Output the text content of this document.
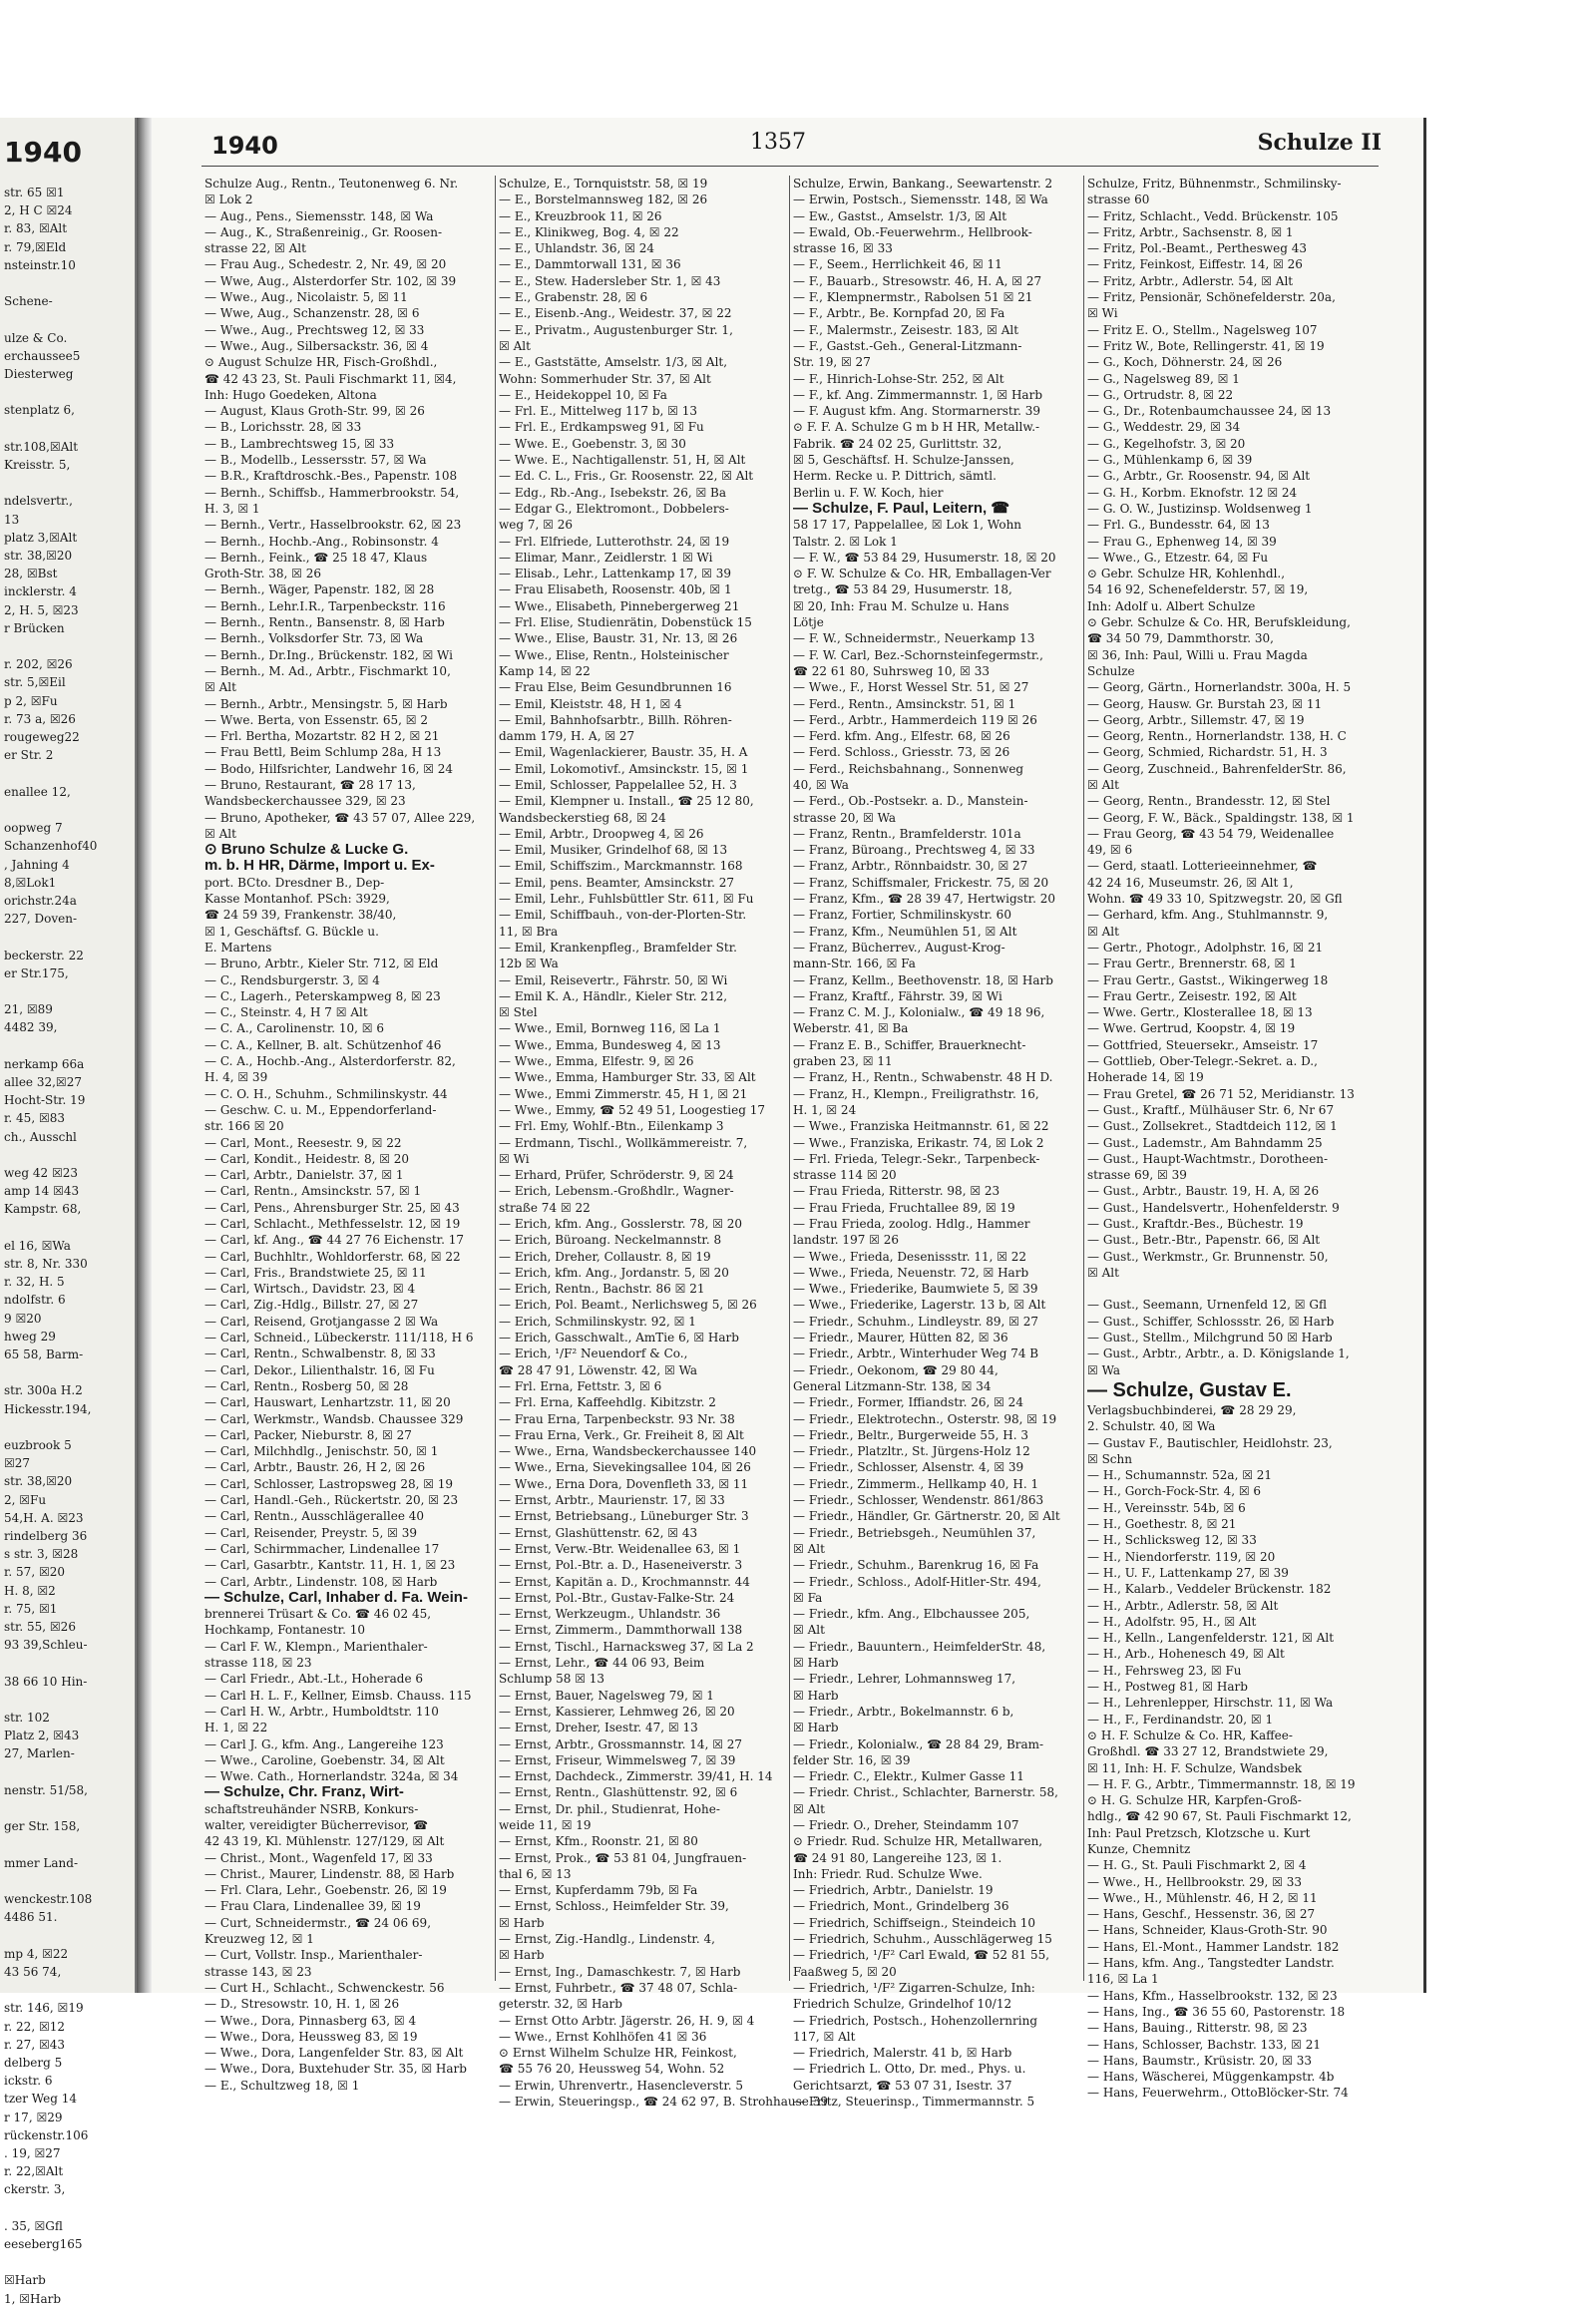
1940
str. 65 ☒1
2, H C ☒24
r. 83, ☒Alt
r. 79,☒Eld
nsteinstr.10

Schene-

ulze & Co.
erchaussee5
Diesterweg

stenplatz 6,

str.108,☒Alt
Kreisstr. 5,

ndelsvertr.,
13
platz 3,☒Alt
str. 38,☒20
28, ☒Bst
incklerstr. 4
2, H. 5, ☒23
r Brücken

r. 202, ☒26
str. 5,☒Eil
p 2, ☒Fu
r. 73 a, ☒26
rougeweg22
er Str. 2

enallee 12,

oopweg 7
Schanzenhof40
, Jahning 4
8,☒Lok1
orichstr.24a
227, Doven-

beckerstr. 22
er Str.175,

21, ☒89
4482 39,

nerkamp 66a
allee 32,☒27
Hocht-Str. 19
r. 45, ☒83
ch., Ausschl

weg 42 ☒23
amp 14 ☒43
Kampstr. 68,

el 16, ☒Wa
str. 8, Nr. 330
r. 32, H. 5
ndolfstr. 6
9 ☒20
hweg 29
65 58, Barm-

str. 300a H.2
Hickesstr.194,

euzbrook 5
☒27
str. 38,☒20
2, ☒Fu
54,H. A. ☒23
rindelberg 36
s str. 3, ☒28
r. 57, ☒20
H. 8, ☒2
r. 75, ☒1
str. 55, ☒26
93 39,Schleu-

38 66 10 Hin-

str. 102
Platz 2, ☒43
27, Marlen-

nenstr. 51/58,

ger Str. 158,

mmer Land-

wenckestr.108
4486 51.

mp 4, ☒22
43 56 74,

str. 146, ☒19
r. 22, ☒12
r. 27, ☒43
delberg 5
ickstr. 6
tzer Weg 14
r 17, ☒29
rückenstr.106
. 19, ☒27
r. 22,☒Alt
ckerstr. 3,

. 35, ☒Gfl
eeseberg165

☒Harb
1, ☒Harb
1940	1357	Schulze II
Schulze Aug., Rentn., Teutonenweg 6. Nr.
☒ Lok 2
— Aug., Pens., Siemensstr. 148, ☒ Wa
— Aug., K., Straßenreinig., Gr. Roosen-
strasse 22, ☒ Alt
— Frau Aug., Schedestr. 2, Nr. 49, ☒ 20
— Wwe, Aug., Alsterdorfer Str. 102, ☒ 39
— Wwe., Aug., Nicolaistr. 5, ☒ 11
— Wwe, Aug., Schanzenstr. 28, ☒ 6
— Wwe., Aug., Prechtsweg 12, ☒ 33
— Wwe., Aug., Silbersackstr. 36, ☒ 4
⊙ August Schulze HR, Fisch-Großhdl.,
☎ 42 43 23, St. Pauli Fischmarkt 11, ☒4,
Inh: Hugo Goedeken, Altona
— August, Klaus Groth-Str. 99, ☒ 26
— B., Lorichsstr. 28, ☒ 33
— B., Lambrechtsweg 15, ☒ 33
— B., Modellb., Lessersstr. 57, ☒ Wa
— B.R., Kraftdroschk.-Bes., Papenstr. 108
— Bernh., Schiffsb., Hammerbrookstr. 54,
H. 3, ☒ 1
— Bernh., Vertr., Hasselbrookstr. 62, ☒ 23
— Bernh., Hochb.-Ang., Robinsonstr. 4
— Bernh., Feink., ☎ 25 18 47, Klaus
Groth-Str. 38, ☒ 26
— Bernh., Wäger, Papenstr. 182, ☒ 28
— Bernh., Lehr.I.R., Tarpenbeckstr. 116
— Bernh., Rentn., Bansenstr. 8, ☒ Harb
— Bernh., Volksdorfer Str. 73, ☒ Wa
— Bernh., Dr.Ing., Brückenstr. 182, ☒ Wi
— Bernh., M. Ad., Arbtr., Fischmarkt 10,
☒ Alt
— Bernh., Arbtr., Mensingstr. 5, ☒ Harb
— Wwe. Berta, von Essenstr. 65, ☒ 2
— Frl. Bertha, Mozartstr. 82 H 2, ☒ 21
— Frau Bettl, Beim Schlump 28a, H 13
— Bodo, Hilfsrichter, Landwehr 16, ☒ 24
— Bruno, Restaurant, ☎ 28 17 13,
Wandsbeckerchaussee 329, ☒ 23
— Bruno, Apotheker, ☎ 43 57 07, Allee 229,
☒ Alt
⊙ Bruno Schulze & Lucke G.
m. b. H HR, Därme, Import u. Ex-
port. BCto. Dresdner B., Dep-
Kasse Montanhof. PSch: 3929,
☎ 24 59 39, Frankenstr. 38/40,
☒ 1, Geschäftsf. G. Bückle u.
E. Martens
— Bruno, Arbtr., Kieler Str. 712, ☒ Eld
— C., Rendsburgerstr. 3, ☒ 4
— C., Lagerh., Peterskampweg 8, ☒ 23
— C., Steinstr. 4, H 7 ☒ Alt
— C. A., Carolinenstr. 10, ☒ 6
— C. A., Kellner, B. alt. Schützenhof 46
— C. A., Hochb.-Ang., Alsterdorferstr. 82,
H. 4, ☒ 39
— C. O. H., Schuhm., Schmilinskystr. 44
— Geschw. C. u. M., Eppendorferland-
str. 166 ☒ 20
— Carl, Mont., Reesestr. 9, ☒ 22
— Carl, Kondit., Heidestr. 8, ☒ 20
— Carl, Arbtr., Danielstr. 37, ☒ 1
— Carl, Rentn., Amsinckstr. 57, ☒ 1
— Carl, Pens., Ahrensburger Str. 25, ☒ 43
— Carl, Schlacht., Methfesselstr. 12, ☒ 19
— Carl, kf. Ang., ☎ 44 27 76 Eichenstr. 17
— Carl, Buchhltr., Wohldorferstr. 68, ☒ 22
— Carl, Fris., Brandstwiete 25, ☒ 11
— Carl, Wirtsch., Davidstr. 23, ☒ 4
— Carl, Zig.-Hdlg., Billstr. 27, ☒ 27
— Carl, Reisend, Grotjangasse 2 ☒ Wa
— Carl, Schneid., Lübeckerstr. 111/118, H 6
— Carl, Rentn., Schwalbenstr. 8, ☒ 33
— Carl, Dekor., Lilienthalstr. 16, ☒ Fu
— Carl, Rentn., Rosberg 50, ☒ 28
— Carl, Hauswart, Lenhartzstr. 11, ☒ 20
— Carl, Werkmstr., Wandsb. Chaussee 329
— Carl, Packer, Nieburstr. 8, ☒ 27
— Carl, Milchhdlg., Jenischstr. 50, ☒ 1
— Carl, Arbtr., Baustr. 26, H 2, ☒ 26
— Carl, Schlosser, Lastropsweg 28, ☒ 19
— Carl, Handl.-Geh., Rückertstr. 20, ☒ 23
— Carl, Rentn., Ausschlägerallee 40
— Carl, Reisender, Preystr. 5, ☒ 39
— Carl, Schirmmacher, Lindenallee 17
— Carl, Gasarbtr., Kantstr. 11, H. 1, ☒ 23
— Carl, Arbtr., Lindenstr. 108, ☒ Harb
— Schulze, Carl, Inhaber d. Fa. Wein-
brennerei Trüsart & Co. ☎ 46 02 45,
Hochkamp, Fontanestr. 10
— Carl F. W., Klempn., Marienthaler-
strasse 118, ☒ 23
— Carl Friedr., Abt.-Lt., Hoherade 6
— Carl H. L. F., Kellner, Eimsb. Chauss. 115
— Carl H. W., Arbtr., Humboldtstr. 110
H. 1, ☒ 22
— Carl J. G., kfm. Ang., Langereihe 123
— Wwe., Caroline, Goebenstr. 34, ☒ Alt
— Wwe. Cath., Hornerlandstr. 324a, ☒ 34
— Schulze, Chr. Franz, Wirt-
schaftstreuhänder NSRB, Konkurs-
walter, vereidigter Bücherrevisor, ☎
42 43 19, Kl. Mühlenstr. 127/129, ☒ Alt
— Christ., Mont., Wagenfeld 17, ☒ 33
— Christ., Maurer, Lindenstr. 88, ☒ Harb
— Frl. Clara, Lehr., Goebenstr. 26, ☒ 19
— Frau Clara, Lindenallee 39, ☒ 19
— Curt, Schneidermstr., ☎ 24 06 69,
Kreuzweg 12, ☒ 1
— Curt, Vollstr. Insp., Marienthaler-
strasse 143, ☒ 23
— Curt H., Schlacht., Schwenckestr. 56
— D., Stresowstr. 10, H. 1, ☒ 26
— Wwe., Dora, Pinnasberg 63, ☒ 4
— Wwe., Dora, Heussweg 83, ☒ 19
— Wwe., Dora, Langenfelder Str. 83, ☒ Alt
— Wwe., Dora, Buxtehuder Str. 35, ☒ Harb
— E., Schultzweg 18, ☒ 1
Schulze, E., Tornquiststr. 58, ☒ 19
— E., Borstelmannsweg 182, ☒ 26
— E., Kreuzbrook 11, ☒ 26
— E., Klinikweg, Bog. 4, ☒ 22
— E., Uhlandstr. 36, ☒ 24
— E., Dammtorwall 131, ☒ 36
— E., Stew. Hadersleber Str. 1, ☒ 43
— E., Grabenstr. 28, ☒ 6
— E., Eisenb.-Ang., Weidestr. 37, ☒ 22
— E., Privatm., Augustenburger Str. 1,
☒ Alt
— E., Gaststätte, Amselstr. 1/3, ☒ Alt,
Wohn: Sommerhuder Str. 37, ☒ Alt
— E., Heidekoppel 10, ☒ Fa
— Frl. E., Mittelweg 117 b, ☒ 13
— Frl. E., Erdkampsweg 91, ☒ Fu
— Wwe. E., Goebenstr. 3, ☒ 30
— Wwe. E., Nachtigallenstr. 51, H, ☒ Alt
— Ed. C. L., Fris., Gr. Roosenstr. 22, ☒ Alt
— Edg., Rb.-Ang., Isebekstr. 26, ☒ Ba
— Edgar G., Elektromont., Dobbelers-
weg 7, ☒ 26
— Frl. Elfriede, Lutterothstr. 24, ☒ 19
— Elimar, Manr., Zeidlerstr. 1 ☒ Wi
— Elisab., Lehr., Lattenkamp 17, ☒ 39
— Frau Elisabeth, Roosenstr. 40b, ☒ 1
— Wwe., Elisabeth, Pinnebergerweg 21
— Frl. Elise, Studienrätin, Dobenstück 15
— Wwe., Elise, Baustr. 31, Nr. 13, ☒ 26
— Wwe., Elise, Rentn., Holsteinischer
Kamp 14, ☒ 22
— Frau Else, Beim Gesundbrunnen 16
— Emil, Kleiststr. 48, H 1, ☒ 4
— Emil, Bahnhofsarbtr., Billh. Röhren-
damm 179, H. A, ☒ 27
— Emil, Wagenlackierer, Baustr. 35, H. A
— Emil, Lokomotivf., Amsinckstr. 15, ☒ 1
— Emil, Schlosser, Pappelallee 52, H. 3
— Emil, Klempner u. Install., ☎ 25 12 80,
Wandsbeckerstieg 68, ☒ 24
— Emil, Arbtr., Droopweg 4, ☒ 26
— Emil, Musiker, Grindelhof 68, ☒ 13
— Emil, Schiffszim., Marckmannstr. 168
— Emil, pens. Beamter, Amsinckstr. 27
— Emil, Lehr., Fuhlsbüttler Str. 611, ☒ Fu
— Emil, Schiffbauh., von-der-Plorten-Str.
11, ☒ Bra
— Emil, Krankenpfleg., Bramfelder Str.
12b ☒ Wa
— Emil, Reisevertr., Fährstr. 50, ☒ Wi
— Emil K. A., Händlr., Kieler Str. 212,
☒ Stel
— Wwe., Emil, Bornweg 116, ☒ La 1
— Wwe., Emma, Bundesweg 4, ☒ 13
— Wwe., Emma, Elfestr. 9, ☒ 26
— Wwe., Emma, Hamburger Str. 33, ☒ Alt
— Wwe., Emmi Zimmerstr. 45, H 1, ☒ 21
— Wwe., Emmy, ☎ 52 49 51, Loogestieg 17
— Frl. Emy, Wohlf.-Btn., Eilenkamp 3
— Erdmann, Tischl., Wollkämmereistr. 7,
☒ Wi
— Erhard, Prüfer, Schröderstr. 9, ☒ 24
— Erich, Lebensm.-Großhdlr., Wagner-
straße 74 ☒ 22
— Erich, kfm. Ang., Gosslerstr. 78, ☒ 20
— Erich, Büroang. Neckelmannstr. 8
— Erich, Dreher, Collaustr. 8, ☒ 19
— Erich, kfm. Ang., Jordanstr. 5, ☒ 20
— Erich, Rentn., Bachstr. 86 ☒ 21
— Erich, Pol. Beamt., Nerlichsweg 5, ☒ 26
— Erich, Schmilinskystr. 92, ☒ 1
— Erich, Gasschwalt., AmTie 6, ☒ Harb
— Erich, ¹/F² Neuendorf & Co.,
☎ 28 47 91, Löwenstr. 42, ☒ Wa
— Frl. Erna, Fettstr. 3, ☒ 6
— Frl. Erna, Kaffeehdlg. Kibitzstr. 2
— Frau Erna, Tarpenbeckstr. 93 Nr. 38
— Frau Erna, Verk., Gr. Freiheit 8, ☒ Alt
— Wwe., Erna, Wandsbeckerchaussee 140
— Wwe., Erna, Sievekingsallee 104, ☒ 26
— Wwe., Erna Dora, Dovenfleth 33, ☒ 11
— Ernst, Arbtr., Maurienstr. 17, ☒ 33
— Ernst, Betriebsang., Lüneburger Str. 3
— Ernst, Glashüttenstr. 62, ☒ 43
— Ernst, Verw.-Btr. Weidenallee 63, ☒ 1
— Ernst, Pol.-Btr. a. D., Haseneiverstr. 3
— Ernst, Kapitän a. D., Krochmannstr. 44
— Ernst, Pol.-Btr., Gustav-Falke-Str. 24
— Ernst, Werkzeugm., Uhlandstr. 36
— Ernst, Zimmerm., Dammthorwall 138
— Ernst, Tischl., Harnacksweg 37, ☒ La 2
— Ernst, Lehr., ☎ 44 06 93, Beim
Schlump 58 ☒ 13
— Ernst, Bauer, Nagelsweg 79, ☒ 1
— Ernst, Kassierer, Lehmweg 26, ☒ 20
— Ernst, Dreher, Isestr. 47, ☒ 13
— Ernst, Arbtr., Grossmannstr. 14, ☒ 27
— Ernst, Friseur, Wimmelsweg 7, ☒ 39
— Ernst, Dachdeck., Zimmerstr. 39/41, H. 14
— Ernst, Rentn., Glashüttenstr. 92, ☒ 6
— Ernst, Dr. phil., Studienrat, Hohe-
weide 11, ☒ 19
— Ernst, Kfm., Roonstr. 21, ☒ 80
— Ernst, Prok., ☎ 53 81 04, Jungfrauen-
thal 6, ☒ 13
— Ernst, Kupferdamm 79b, ☒ Fa
— Ernst, Schloss., Heimfelder Str. 39,
☒ Harb
— Ernst, Zig.-Handlg., Lindenstr. 4,
☒ Harb
— Ernst, Ing., Damaschkestr. 7, ☒ Harb
— Ernst, Fuhrbetr., ☎ 37 48 07, Schla-
geterstr. 32, ☒ Harb
— Ernst Otto Arbtr. Jägerstr. 26, H. 9, ☒ 4
— Wwe., Ernst Kohlhöfen 41 ☒ 36
⊙ Ernst Wilhelm Schulze HR, Feinkost,
☎ 55 76 20, Heussweg 54, Wohn. 52
— Erwin, Uhrenvertr., Hasencleverstr. 5
— Erwin, Steueringsp., ☎ 24 62 97, B. Strohhause 39
Schulze, Erwin, Bankang., Seewartenstr. 2
— Erwin, Postsch., Siemensstr. 148, ☒ Wa
— Ew., Gastst., Amselstr. 1/3, ☒ Alt
— Ewald, Ob.-Feuerwehrm., Hellbrook-
strasse 16, ☒ 33
— F., Seem., Herrlichkeit 46, ☒ 11
— F., Bauarb., Stresowstr. 46, H. A, ☒ 27
— F., Klempnermstr., Rabolsen 51 ☒ 21
— F., Arbtr., Be. Kornpfad 20, ☒ Fa
— F., Malermstr., Zeisestr. 183, ☒ Alt
— F., Gastst.-Geh., General-Litzmann-
Str. 19, ☒ 27
— F., Hinrich-Lohse-Str. 252, ☒ Alt
— F., kf. Ang. Zimmermannstr. 1, ☒ Harb
— F. August kfm. Ang. Stormarnerstr. 39
⊙ F. F. A. Schulze G m b H HR, Metallw.-
Fabrik. ☎ 24 02 25, Gurlittstr. 32,
☒ 5, Geschäftsf. H. Schulze-Janssen,
Herm. Recke u. P. Dittrich, sämtl.
Berlin u. F. W. Koch, hier
— Schulze, F. Paul, Leitern, ☎
58 17 17, Pappelallee, ☒ Lok 1, Wohn
Talstr. 2. ☒ Lok 1
— F. W., ☎ 53 84 29, Husumerstr. 18, ☒ 20
⊙ F. W. Schulze & Co. HR, Emballagen-Ver
tretg., ☎ 53 84 29, Husumerstr. 18,
☒ 20, Inh: Frau M. Schulze u. Hans
Lötje
— F. W., Schneidermstr., Neuerkamp 13
— F. W. Carl, Bez.-Schornsteinfegermstr.,
☎ 22 61 80, Suhrsweg 10, ☒ 33
— Wwe., F., Horst Wessel Str. 51, ☒ 27
— Ferd., Rentn., Amsinckstr. 51, ☒ 1
— Ferd., Arbtr., Hammerdeich 119 ☒ 26
— Ferd. kfm. Ang., Elfestr. 68, ☒ 26
— Ferd. Schloss., Griesstr. 73, ☒ 26
— Ferd., Reichsbahnang., Sonnenweg
40, ☒ Wa
— Ferd., Ob.-Postsekr. a. D., Manstein-
strasse 20, ☒ Wa
— Franz, Rentn., Bramfelderstr. 101a
— Franz, Büroang., Prechtsweg 4, ☒ 33
— Franz, Arbtr., Rönnbaidstr. 30, ☒ 27
— Franz, Schiffsmaler, Frickestr. 75, ☒ 20
— Franz, Kfm., ☎ 28 39 47, Hertwigstr. 20
— Franz, Fortier, Schmilinskystr. 60
— Franz, Kfm., Neumühlen 51, ☒ Alt
— Franz, Bücherrev., August-Krog-
mann-Str. 166, ☒ Fa
— Franz, Kellm., Beethovenstr. 18, ☒ Harb
— Franz, Kraftf., Fährstr. 39, ☒ Wi
— Franz C. M. J., Kolonialw., ☎ 49 18 96,
Weberstr. 41, ☒ Ba
— Franz E. B., Schiffer, Brauerknecht-
graben 23, ☒ 11
— Franz, H., Rentn., Schwabenstr. 48 H D.
— Franz, H., Klempn., Freiligrathstr. 16,
H. 1, ☒ 24
— Wwe., Franziska Heitmannstr. 61, ☒ 22
— Wwe., Franziska, Erikastr. 74, ☒ Lok 2
— Frl. Frieda, Telegr.-Sekr., Tarpenbeck-
strasse 114 ☒ 20
— Frau Frieda, Ritterstr. 98, ☒ 23
— Frau Frieda, Fruchtallee 89, ☒ 19
— Frau Frieda, zoolog. Hdlg., Hammer
landstr. 197 ☒ 26
— Wwe., Frieda, Desenissstr. 11, ☒ 22
— Wwe., Frieda, Neuenstr. 72, ☒ Harb
— Wwe., Friederike, Baumwiete 5, ☒ 39
— Wwe., Friederike, Lagerstr. 13 b, ☒ Alt
— Friedr., Schuhm., Lindleystr. 89, ☒ 27
— Friedr., Maurer, Hütten 82, ☒ 36
— Friedr., Arbtr., Winterhuder Weg 74 B
— Friedr., Oekonom, ☎ 29 80 44,
General Litzmann-Str. 138, ☒ 34
— Friedr., Former, Iffiandstr. 26, ☒ 24
— Friedr., Elektrotechn., Osterstr. 98, ☒ 19
— Friedr., Beltr., Burgerweide 55, H. 3
— Friedr., Platzltr., St. Jürgens-Holz 12
— Friedr., Schlosser, Alsenstr. 4, ☒ 39
— Friedr., Zimmerm., Hellkamp 40, H. 1
— Friedr., Schlosser, Wendenstr. 861/863
— Friedr., Händler, Gr. Gärtnerstr. 20, ☒ Alt
— Friedr., Betriebsgeh., Neumühlen 37,
☒ Alt
— Friedr., Schuhm., Barenkrug 16, ☒ Fa
— Friedr., Schloss., Adolf-Hitler-Str. 494,
☒ Fa
— Friedr., kfm. Ang., Elbchaussee 205,
☒ Alt
— Friedr., Bauuntern., HeimfelderStr. 48,
☒ Harb
— Friedr., Lehrer, Lohmannsweg 17,
☒ Harb
— Friedr., Arbtr., Bokelmannstr. 6 b,
☒ Harb
— Friedr., Kolonialw., ☎ 28 84 29, Bram-
felder Str. 16, ☒ 39
— Friedr. C., Elektr., Kulmer Gasse 11
— Friedr. Christ., Schlachter, Barnerstr. 58,
☒ Alt
— Friedr. O., Dreher, Steindamm 107
⊙ Friedr. Rud. Schulze HR, Metallwaren,
☎ 24 91 80, Langereihe 123, ☒ 1.
Inh: Friedr. Rud. Schulze Wwe.
— Friedrich, Arbtr., Danielstr. 19
— Friedrich, Mont., Grindelberg 36
— Friedrich, Schiffseign., Steindeich 10
— Friedrich, Schuhm., Ausschlägerweg 15
— Friedrich, ¹/F² Carl Ewald, ☎ 52 81 55,
Faaßweg 5, ☒ 20
— Friedrich, ¹/F² Zigarren-Schulze, Inh:
Friedrich Schulze, Grindelhof 10/12
— Friedrich, Postsch., Hohenzollernring
117, ☒ Alt
— Friedrich, Malerstr. 41 b, ☒ Harb
— Friedrich L. Otto, Dr. med., Phys. u.
Gerichtsarzt, ☎ 53 07 31, Isestr. 37
— Fritz, Steuerinsp., Timmermannstr. 5
Schulze, Fritz, Bühnenmstr., Schmilinsky-
strasse 60
— Fritz, Schlacht., Vedd. Brückenstr. 105
— Fritz, Arbtr., Sachsenstr. 8, ☒ 1
— Fritz, Pol.-Beamt., Perthesweg 43
— Fritz, Feinkost, Eiffestr. 14, ☒ 26
— Fritz, Arbtr., Adlerstr. 54, ☒ Alt
— Fritz, Pensionär, Schönefelderstr. 20a,
☒ Wi
— Fritz E. O., Stellm., Nagelsweg 107
— Fritz W., Bote, Rellingerstr. 41, ☒ 19
— G., Koch, Döhnerstr. 24, ☒ 26
— G., Nagelsweg 89, ☒ 1
— G., Ortrudstr. 8, ☒ 22
— G., Dr., Rotenbaumchaussee 24, ☒ 13
— G., Weddestr. 29, ☒ 34
— G., Kegelhofstr. 3, ☒ 20
— G., Mühlenkamp 6, ☒ 39
— G., Arbtr., Gr. Roosenstr. 94, ☒ Alt
— G. H., Korbm. Eknofstr. 12 ☒ 24
— G. O. W., Justizinsp. Woldsenweg 1
— Frl. G., Bundesstr. 64, ☒ 13
— Frau G., Ephenweg 14, ☒ 39
— Wwe., G., Etzestr. 64, ☒ Fu
⊙ Gebr. Schulze HR, Kohlenhdl.,
54 16 92, Schenefelderstr. 57, ☒ 19,
Inh: Adolf u. Albert Schulze
⊙ Gebr. Schulze & Co. HR, Berufskleidung,
☎ 34 50 79, Dammthorstr. 30,
☒ 36, Inh: Paul, Willi u. Frau Magda
Schulze
— Georg, Gärtn., Hornerlandstr. 300a, H. 5
— Georg, Hausw. Gr. Burstah 23, ☒ 11
— Georg, Arbtr., Sillemstr. 47, ☒ 19
— Georg, Rentn., Hornerlandstr. 138, H. C
— Georg, Schmied, Richardstr. 51, H. 3
— Georg, Zuschneid., BahrenfelderStr. 86,
☒ Alt
— Georg, Rentn., Brandesstr. 12, ☒ Stel
— Georg, F. W., Bäck., Spaldingstr. 138, ☒ 1
— Frau Georg, ☎ 43 54 79, Weidenallee
49, ☒ 6
— Gerd, staatl. Lotterieeinnehmer, ☎
42 24 16, Museumstr. 26, ☒ Alt 1,
Wohn. ☎ 49 33 10, Spitzwegstr. 20, ☒ Gfl
— Gerhard, kfm. Ang., Stuhlmannstr. 9,
☒ Alt
— Gertr., Photogr., Adolphstr. 16, ☒ 21
— Frau Gertr., Brennerstr. 68, ☒ 1
— Frau Gertr., Gastst., Wikingerweg 18
— Frau Gertr., Zeisestr. 192, ☒ Alt
— Wwe. Gertr., Klosterallee 18, ☒ 13
— Wwe. Gertrud, Koopstr. 4, ☒ 19
— Gottfried, Steuersekr., Amseistr. 17
— Gottlieb, Ober-Telegr.-Sekret. a. D.,
Hoherade 14, ☒ 19
— Frau Gretel, ☎ 26 71 52, Meridianstr. 13
— Gust., Kraftf., Mülhäuser Str. 6, Nr 67
— Gust., Zollsekret., Stadtdeich 112, ☒ 1
— Gust., Lademstr., Am Bahndamm 25
— Gust., Haupt-Wachtmstr., Dorotheen-
strasse 69, ☒ 39
— Gust., Arbtr., Baustr. 19, H. A, ☒ 26
— Gust., Handelsvertr., Hohenfelderstr. 9
— Gust., Kraftdr.-Bes., Büchestr. 19
— Gust., Betr.-Btr., Papenstr. 66, ☒ Alt
— Gust., Werkmstr., Gr. Brunnenstr. 50,
☒ Alt

— Gust., Seemann, Urnenfeld 12, ☒ Gfl
— Gust., Schiffer, Schlossstr. 26, ☒ Harb
— Gust., Stellm., Milchgrund 50 ☒ Harb
— Gust., Arbtr., Arbtr., a. D. Königslande 1,
☒ Wa
— Schulze, Gustav E.
Verlagsbuchbinderei, ☎ 28 29 29,
2. Schulstr. 40, ☒ Wa
— Gustav F., Bautischler, Heidlohstr. 23,
☒ Schn
— H., Schumannstr. 52a, ☒ 21
— H., Gorch-Fock-Str. 4, ☒ 6
— H., Vereinsstr. 54b, ☒ 6
— H., Goethestr. 8, ☒ 21
— H., Schlicksweg 12, ☒ 33
— H., Niendorferstr. 119, ☒ 20
— H., U. F., Lattenkamp 27, ☒ 39
— H., Kalarb., Veddeler Brückenstr. 182
— H., Arbtr., Adlerstr. 58, ☒ Alt
— H., Adolfstr. 95, H., ☒ Alt
— H., Kelln., Langenfelderstr. 121, ☒ Alt
— H., Arb., Hohenesch 49, ☒ Alt
— H., Fehrsweg 23, ☒ Fu
— H., Postweg 81, ☒ Harb
— H., Lehrenlepper, Hirschstr. 11, ☒ Wa
— H., F., Ferdinandstr. 20, ☒ 1
⊙ H. F. Schulze & Co. HR, Kaffee-
Großhdl. ☎ 33 27 12, Brandstwiete 29,
☒ 11, Inh: H. F. Schulze, Wandsbek
— H. F. G., Arbtr., Timmermannstr. 18, ☒ 19
⊙ H. G. Schulze HR, Karpfen-Groß-
hdlg., ☎ 42 90 67, St. Pauli Fischmarkt 12,
Inh: Paul Pretzsch, Klotzsche u. Kurt
Kunze, Chemnitz
— H. G., St. Pauli Fischmarkt 2, ☒ 4
— Wwe., H., Hellbrookstr. 29, ☒ 33
— Wwe., H., Mühlenstr. 46, H 2, ☒ 11
— Hans, Geschf., Hessenstr. 36, ☒ 27
— Hans, Schneider, Klaus-Groth-Str. 90
— Hans, El.-Mont., Hammer Landstr. 182
— Hans, kfm. Ang., Tangstedter Landstr.
116, ☒ La 1
— Hans, Kfm., Hasselbrookstr. 132, ☒ 23
— Hans, Ing., ☎ 36 55 60, Pastorenstr. 18
— Hans, Bauing., Ritterstr. 98, ☒ 23
— Hans, Schlosser, Bachstr. 133, ☒ 21
— Hans, Baumstr., Krüsistr. 20, ☒ 33
— Hans, Wäscherei, Müggenkampstr. 4b
— Hans, Feuerwehrm., OttoBlöcker-Str. 74
